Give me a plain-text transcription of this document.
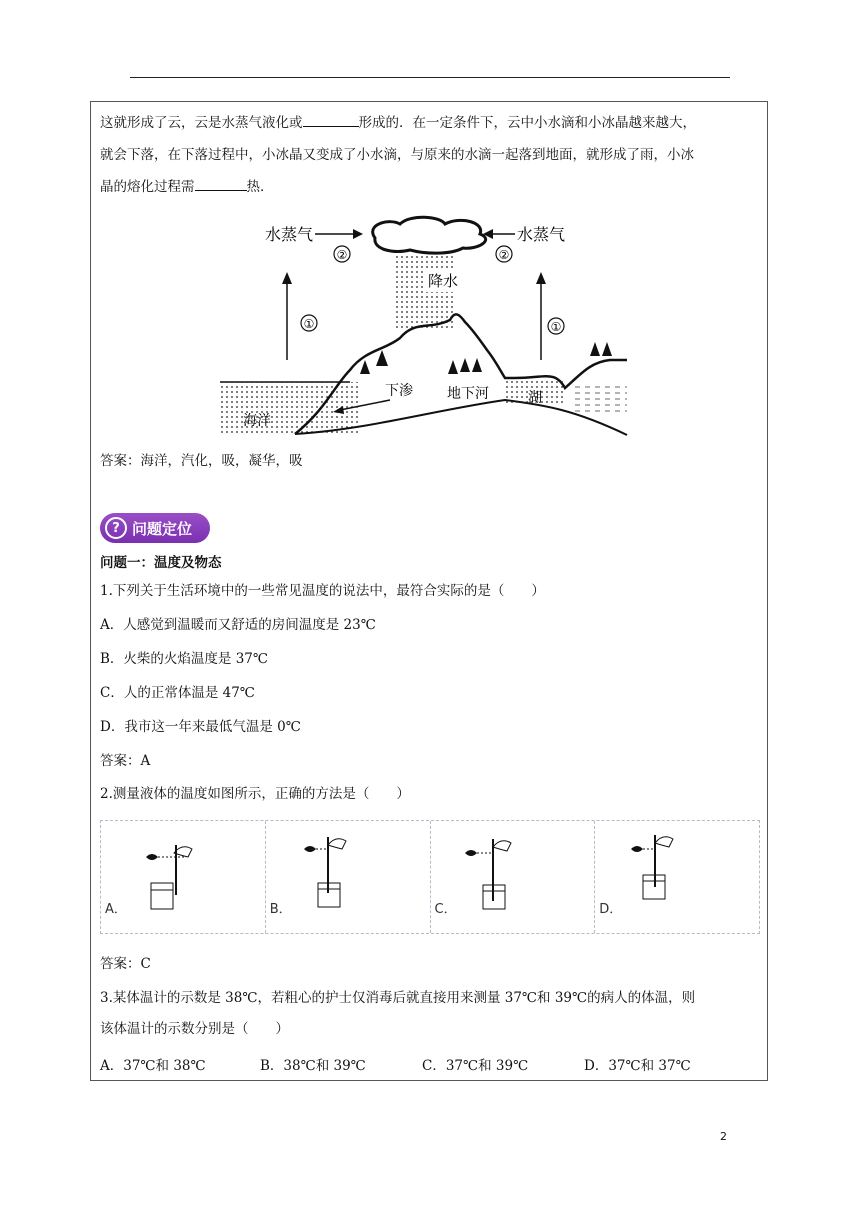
这就形成了云，云是水蒸气液化或	形成的．在一定条件下，云中小水滴和小冰晶越来越大，
就会下落，在下落过程中，小冰晶又变成了小水滴，与原来的水滴一起落到地面，就形成了雨，小冰
晶的熔化过程需	热．
降水
水蒸气
②
水蒸气
②
①	①
海洋
湖
下渗 地下河
答案：海洋，汽化，吸，凝华，吸
? 问题定位
问题一：温度及物态
1.下列关于生活环境中的一些常见温度的说法中，最符合实际的是（　　）
A．人感觉到温暖而又舒适的房间温度是 23℃
B．火柴的火焰温度是 37℃
C．人的正常体温是 47℃
D．我市这一年来最低气温是 0℃
答案：A
2.测量液体的温度如图所示，正确的方法是（　　）
A．	B．	C．	D．
答案：C
3.某体温计的示数是 38℃，若粗心的护士仅消毒后就直接用来测量 37℃和 39℃的病人的体温，则
该体温计的示数分别是（　　）
A．37℃和 38℃	B．38℃和 39℃	C．37℃和 39℃	D．37℃和 37℃
2
